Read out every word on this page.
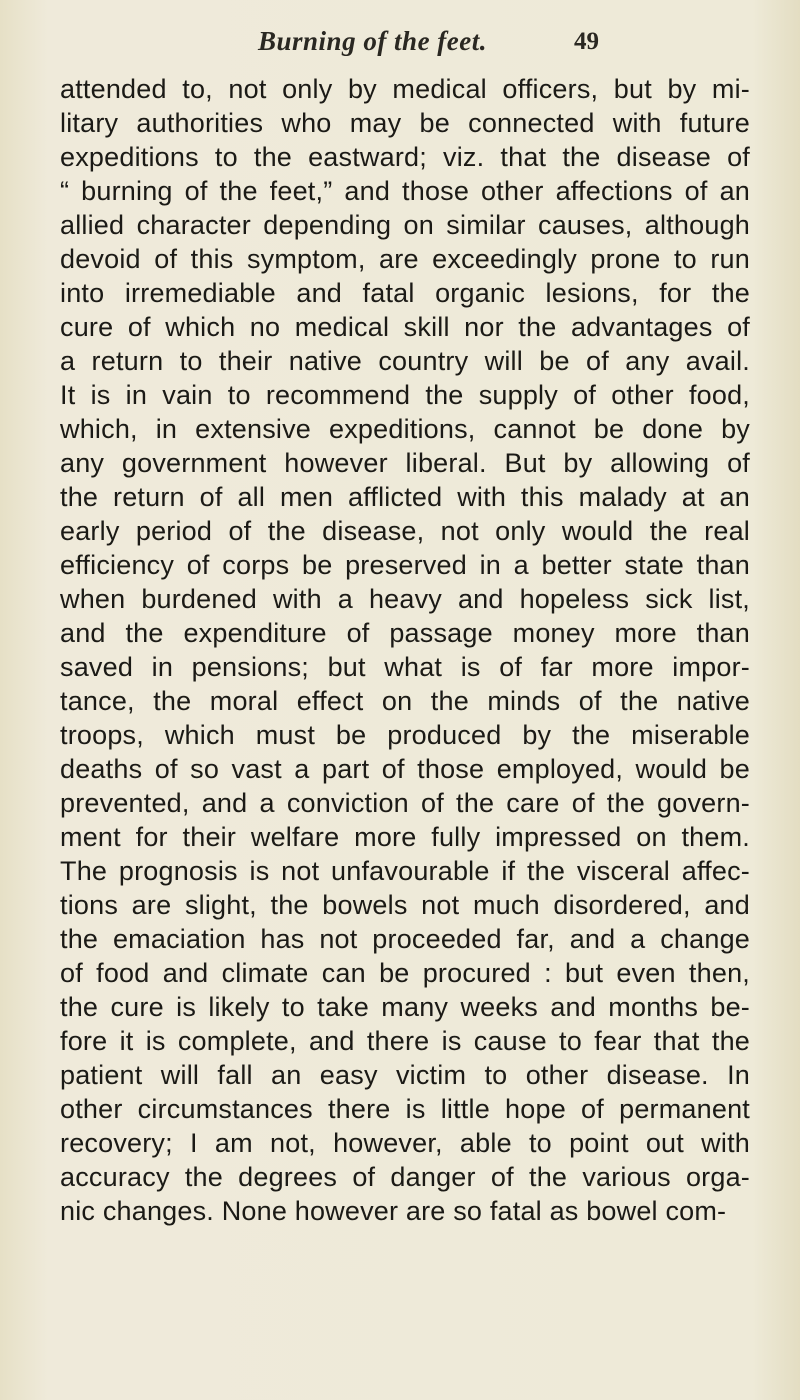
Burning of the feet.	49
attended to, not only by medical officers, but by mi-
litary authorities who may be connected with future
expeditions to the eastward; viz. that the disease of
“ burning of the feet,” and those other affections of an
allied character depending on similar causes, although
devoid of this symptom, are exceedingly prone to run
into irremediable and fatal organic lesions, for the
cure of which no medical skill nor the advantages of
a return to their native country will be of any avail.
It is in vain to recommend the supply of other food,
which, in extensive expeditions, cannot be done by
any government however liberal. But by allowing of
the return of all men afflicted with this malady at an
early period of the disease, not only would the real
efficiency of corps be preserved in a better state than
when burdened with a heavy and hopeless sick list,
and the expenditure of passage money more than
saved in pensions; but what is of far more impor-
tance, the moral effect on the minds of the native
troops, which must be produced by the miserable
deaths of so vast a part of those employed, would be
prevented, and a conviction of the care of the govern-
ment for their welfare more fully impressed on them.
The prognosis is not unfavourable if the visceral affec-
tions are slight, the bowels not much disordered, and
the emaciation has not proceeded far, and a change
of food and climate can be procured : but even then,
the cure is likely to take many weeks and months be-
fore it is complete, and there is cause to fear that the
patient will fall an easy victim to other disease. In
other circumstances there is little hope of permanent
recovery; I am not, however, able to point out with
accuracy the degrees of danger of the various orga-
nic changes. None however are so fatal as bowel com-
